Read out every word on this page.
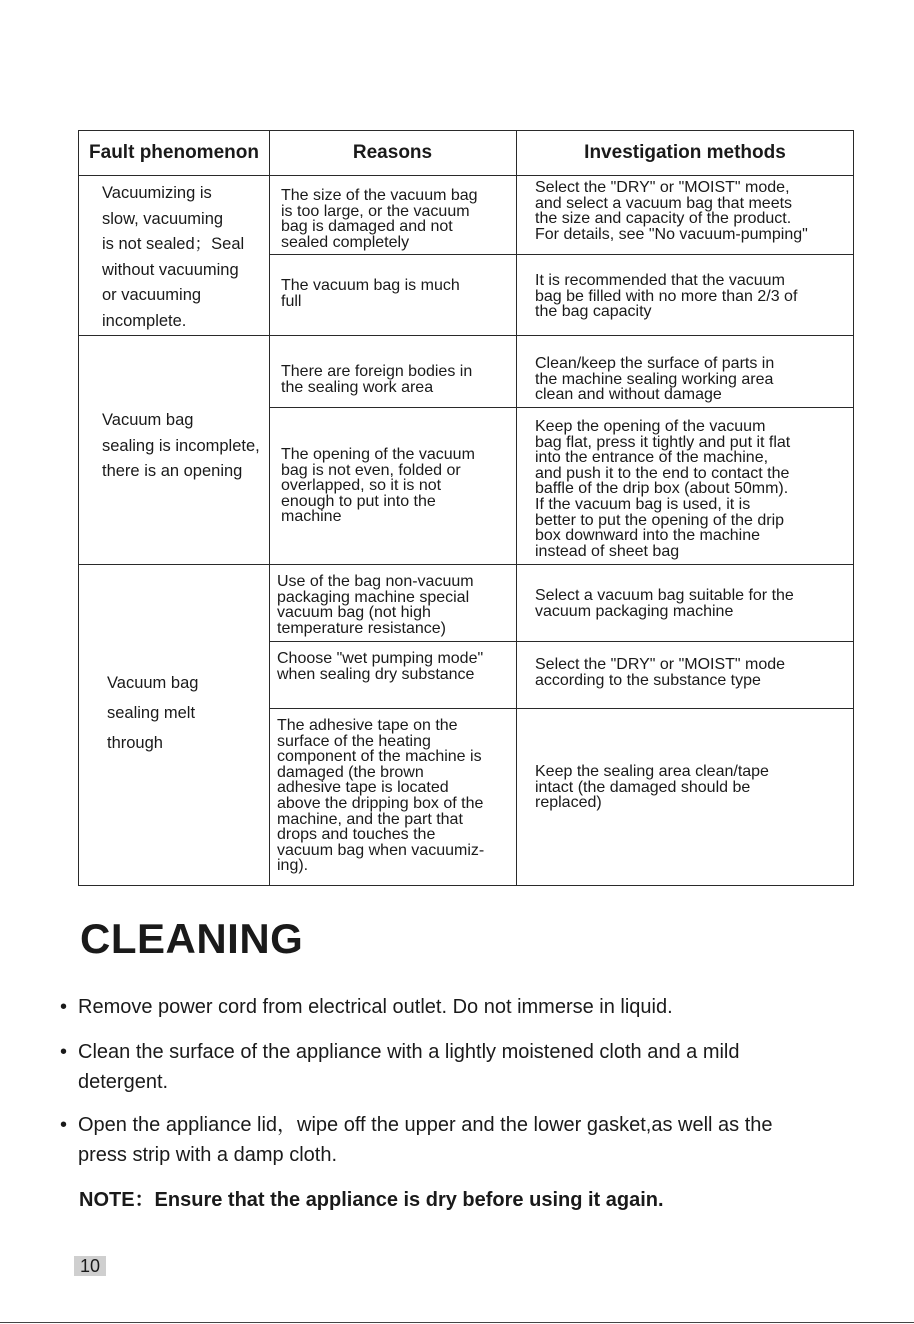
Fault phenomenon	Reasons	Investigation methods
Vacuumizing is
slow, vacuuming
is not sealed；Seal
without vacuuming
or vacuuming
incomplete.
The size of the vacuum bag
is too large, or the vacuum
bag is damaged and not
sealed completely
Select the "DRY" or "MOIST" mode,
and select a vacuum bag that meets
the size and capacity of the product.
For details, see "No vacuum-pumping"
The vacuum bag is much
full
It is recommended that the vacuum
bag be filled with no more than 2/3 of
the bag capacity
Vacuum bag
sealing is incomplete,
there is an opening
There are foreign bodies in
the sealing work area
Clean/keep the surface of parts in
the machine sealing working area
clean and without damage
The opening of the vacuum
bag is not even, folded or
overlapped, so it is not
enough to put into the
machine
Keep the opening of the vacuum
bag flat, press it tightly and put it flat
into the entrance of the machine,
and push it to the end to contact the
baffle of the drip box (about 50mm).
If the vacuum bag is used, it is
better to put the opening of the drip
box downward into the machine
instead of sheet bag
Vacuum bag
sealing melt
through
Use of the bag non-vacuum
packaging machine special
vacuum bag (not high
temperature resistance)
Select a vacuum bag suitable for the
vacuum packaging machine
Choose "wet pumping mode"
when sealing dry substance
Select the "DRY" or "MOIST" mode
according to the substance type
The adhesive tape on the
surface of the heating
component of the machine is
damaged (the brown
adhesive tape is located
above the dripping box of the
machine, and the part that
drops and touches the
vacuum bag when vacuumiz-
ing).
Keep the sealing area clean/tape
intact (the damaged should be
replaced)
CLEANING
• Remove power cord from electrical outlet. Do not immerse in liquid.
• Clean the surface of the appliance with a lightly moistened cloth and a mild
detergent.
• Open the appliance lid，wipe off the upper and the lower gasket,as well as the
press strip with a damp cloth.
NOTE：Ensure that the appliance is dry before using it again.
10
